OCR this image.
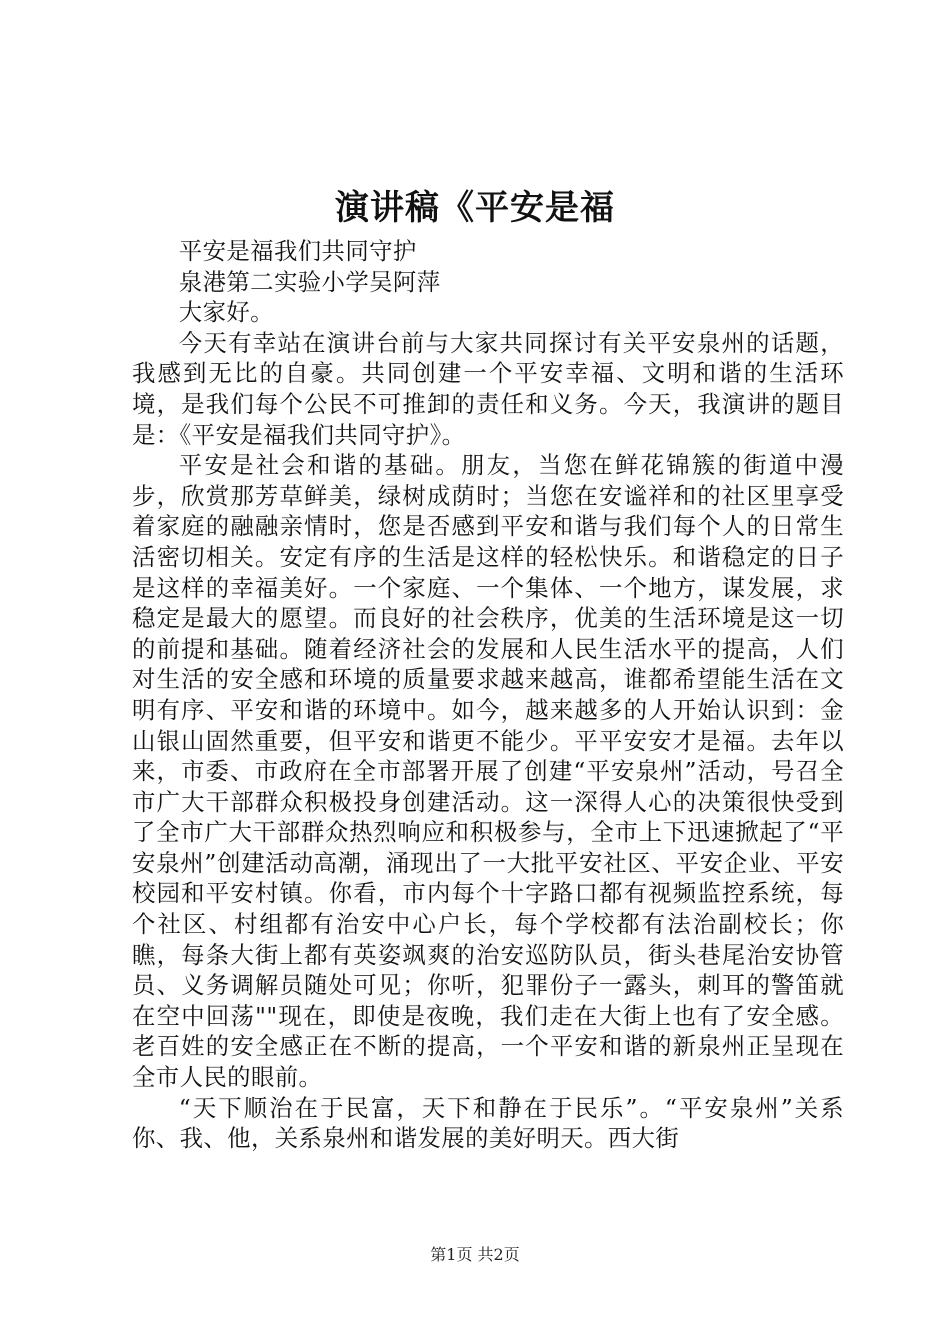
演讲稿《平安是福

平安是福我们共同守护

泉港第二实验小学吴阿萍

大家好。

今天有幸站在演讲台前与大家共同探讨有关平安泉州的话题，我感到无比的自豪。共同创建一个平安幸福、文明和谐的生活环境，是我们每个公民不可推卸的责任和义务。今天，我演讲的题目是：《平安是福我们共同守护》。

平安是社会和谐的基础。朋友，当您在鲜花锦簇的街道中漫步，欣赏那芳草鲜美，绿树成荫时；当您在安谧祥和的社区里享受着家庭的融融亲情时，您是否感到平安和谐与我们每个人的日常生活密切相关。安定有序的生活是这样的轻松快乐。和谐稳定的日子是这样的幸福美好。一个家庭、一个集体、一个地方，谋发展，求稳定是最大的愿望。而良好的社会秩序，优美的生活环境是这一切的前提和基础。随着经济社会的发展和人民生活水平的提高，人们对生活的安全感和环境的质量要求越来越高，谁都希望能生活在文明有序、平安和谐的环境中。如今，越来越多的人开始认识到：金山银山固然重要，但平安和谐更不能少。平平安安才是福。去年以来，市委、市政府在全市部署开展了创建“平安泉州”活动，号召全市广大干部群众积极投身创建活动。这一深得人心的决策很快受到了全市广大干部群众热烈响应和积极参与，全市上下迅速掀起了“平安泉州”创建活动高潮，涌现出了一大批平安社区、平安企业、平安校园和平安村镇。你看，市内每个十字路口都有视频监控系统，每个社区、村组都有治安中心户长，每个学校都有法治副校长；你瞧，每条大街上都有英姿飒爽的治安巡防队员，街头巷尾治安协管员、义务调解员随处可见；你听，犯罪份子一露头，刺耳的警笛就在空中回荡""现在，即使是夜晚，我们走在大街上也有了安全感。老百姓的安全感正在不断的提高，一个平安和谐的新泉州正呈现在全市人民的眼前。

“天下顺治在于民富，天下和静在于民乐”。“平安泉州”关系你、我、他，关系泉州和谐发展的美好明天。西大街

第1页 共2页
